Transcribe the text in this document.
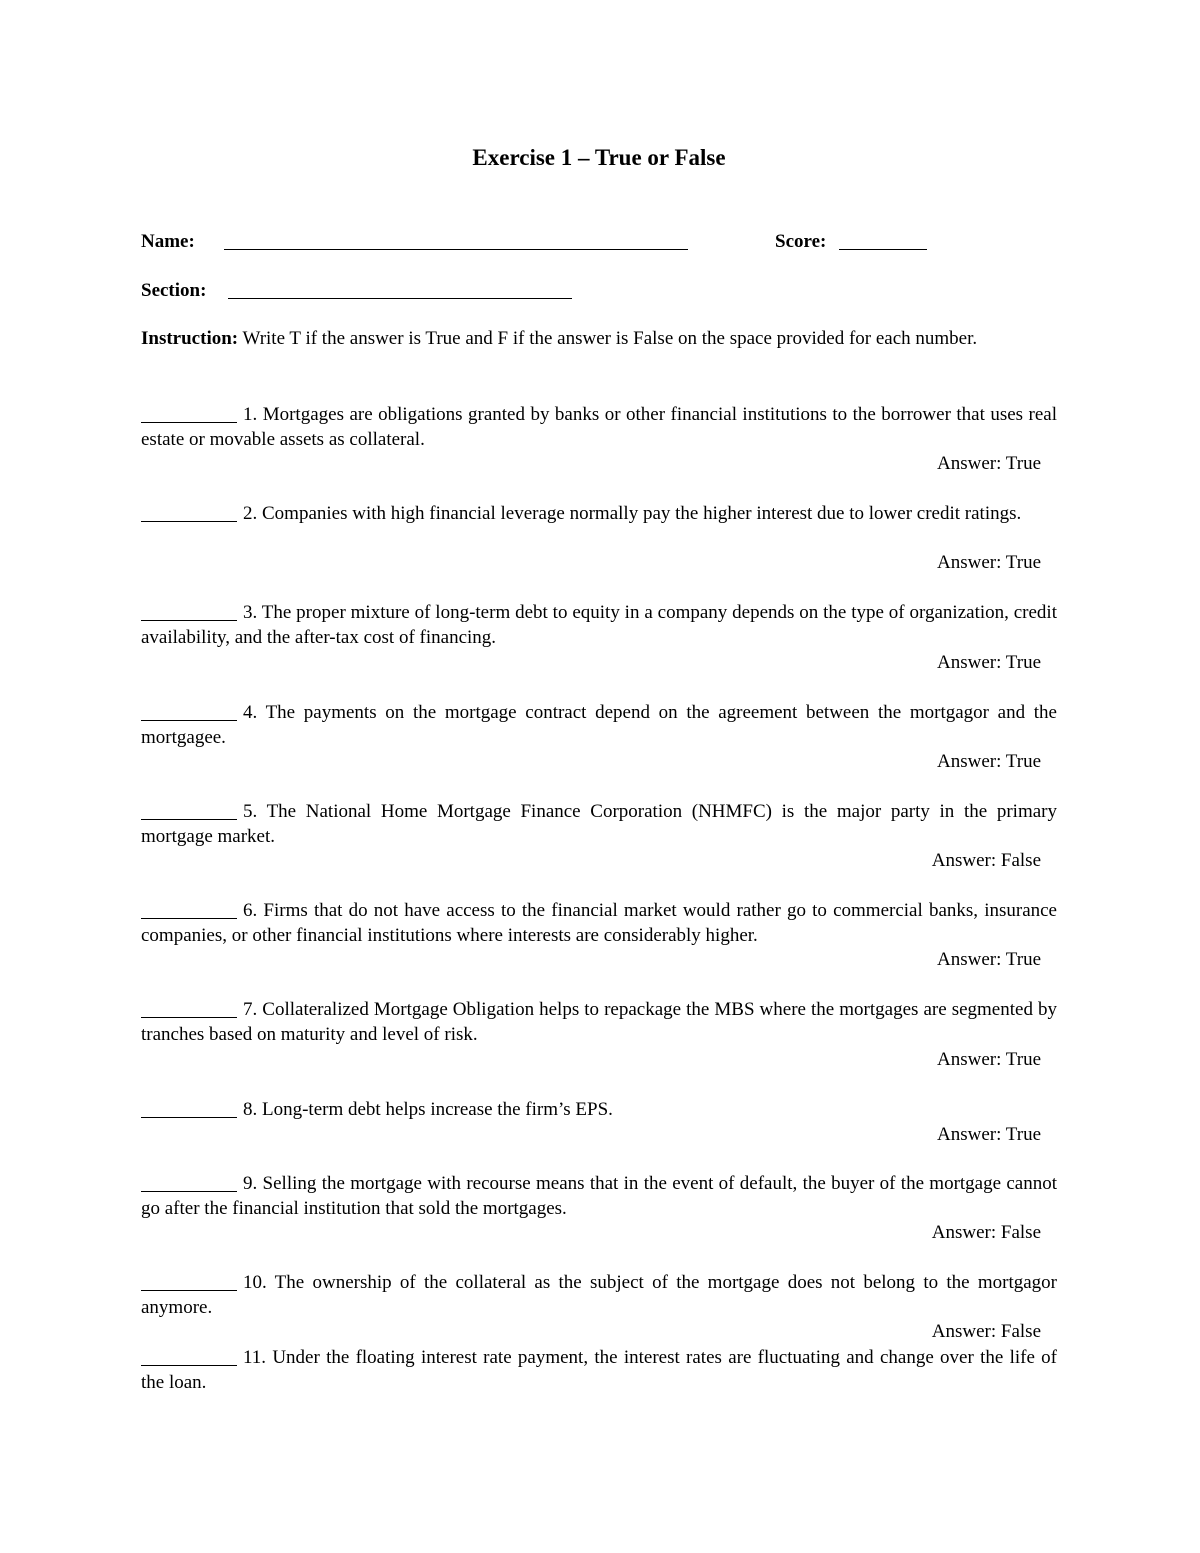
Exercise 1 – True or False
Name:	Score:
Section:
Instruction: Write T if the answer is True and F if the answer is False on the space provided for each number.
1. Mortgages are obligations granted by banks or other financial institutions to the borrower that uses real estate or movable assets as collateral.
Answer: True
2. Companies with high financial leverage normally pay the higher interest due to lower credit ratings.
Answer: True
3. The proper mixture of long-term debt to equity in a company depends on the type of organization, credit availability, and the after-tax cost of financing.
Answer: True
4. The payments on the mortgage contract depend on the agreement between the mortgagor and the mortgagee.
Answer: True
5. The National Home Mortgage Finance Corporation (NHMFC) is the major party in the primary mortgage market.
Answer: False
6. Firms that do not have access to the financial market would rather go to commercial banks, insurance companies, or other financial institutions where interests are considerably higher.
Answer: True
7. Collateralized Mortgage Obligation helps to repackage the MBS where the mortgages are segmented by tranches based on maturity and level of risk.
Answer: True
8. Long-term debt helps increase the firm’s EPS.
Answer: True
9. Selling the mortgage with recourse means that in the event of default, the buyer of the mortgage cannot go after the financial institution that sold the mortgages.
Answer: False
10. The ownership of the collateral as the subject of the mortgage does not belong to the mortgagor anymore.
Answer: False
11. Under the floating interest rate payment, the interest rates are fluctuating and change over the life of the loan.
